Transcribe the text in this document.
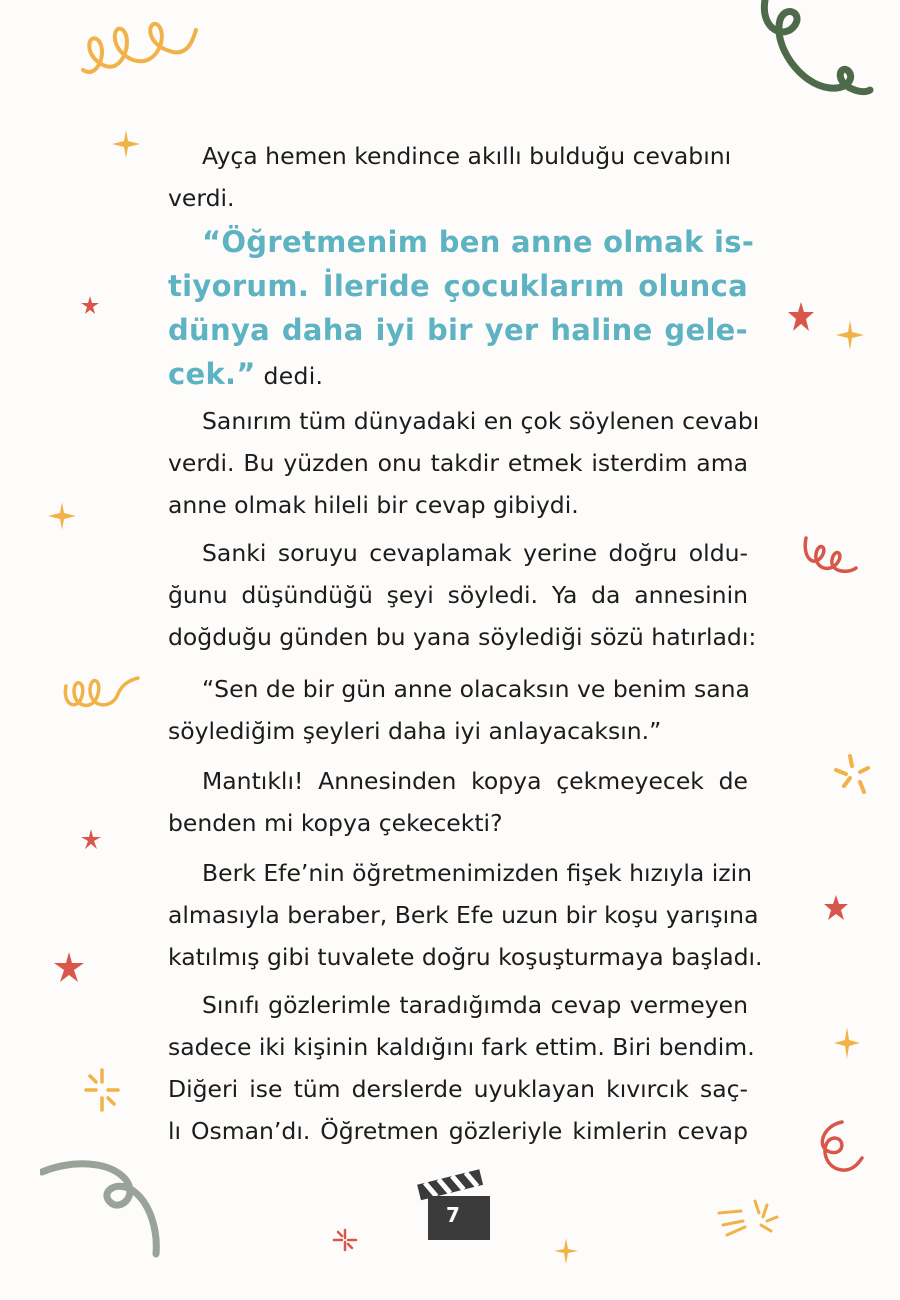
7
Ayça hemen kendince akıllı bulduğu cevabını
verdi.
“Öğretmenim ben anne olmak is-
tiyorum. İleride çocuklarım olunca
dünya daha iyi bir yer haline gele-
cek.” dedi.
Sanırım tüm dünyadaki en çok söylenen cevabı
verdi. Bu yüzden onu takdir etmek isterdim ama
anne olmak hileli bir cevap gibiydi.
Sanki soruyu cevaplamak yerine doğru oldu-
ğunu düşündüğü şeyi söyledi. Ya da annesinin
doğduğu günden bu yana söylediği sözü hatırladı:
“Sen de bir gün anne olacaksın ve benim sana
söylediğim şeyleri daha iyi anlayacaksın.”
Mantıklı! Annesinden kopya çekmeyecek de
benden mi kopya çekecekti?
Berk Efe’nin öğretmenimizden fişek hızıyla izin
almasıyla beraber, Berk Efe uzun bir koşu yarışına
katılmış gibi tuvalete doğru koşuşturmaya başladı.
Sınıfı gözlerimle taradığımda cevap vermeyen
sadece iki kişinin kaldığını fark ettim. Biri bendim.
Diğeri ise tüm derslerde uyuklayan kıvırcık saç-
lı Osman’dı. Öğretmen gözleriyle kimlerin cevap
